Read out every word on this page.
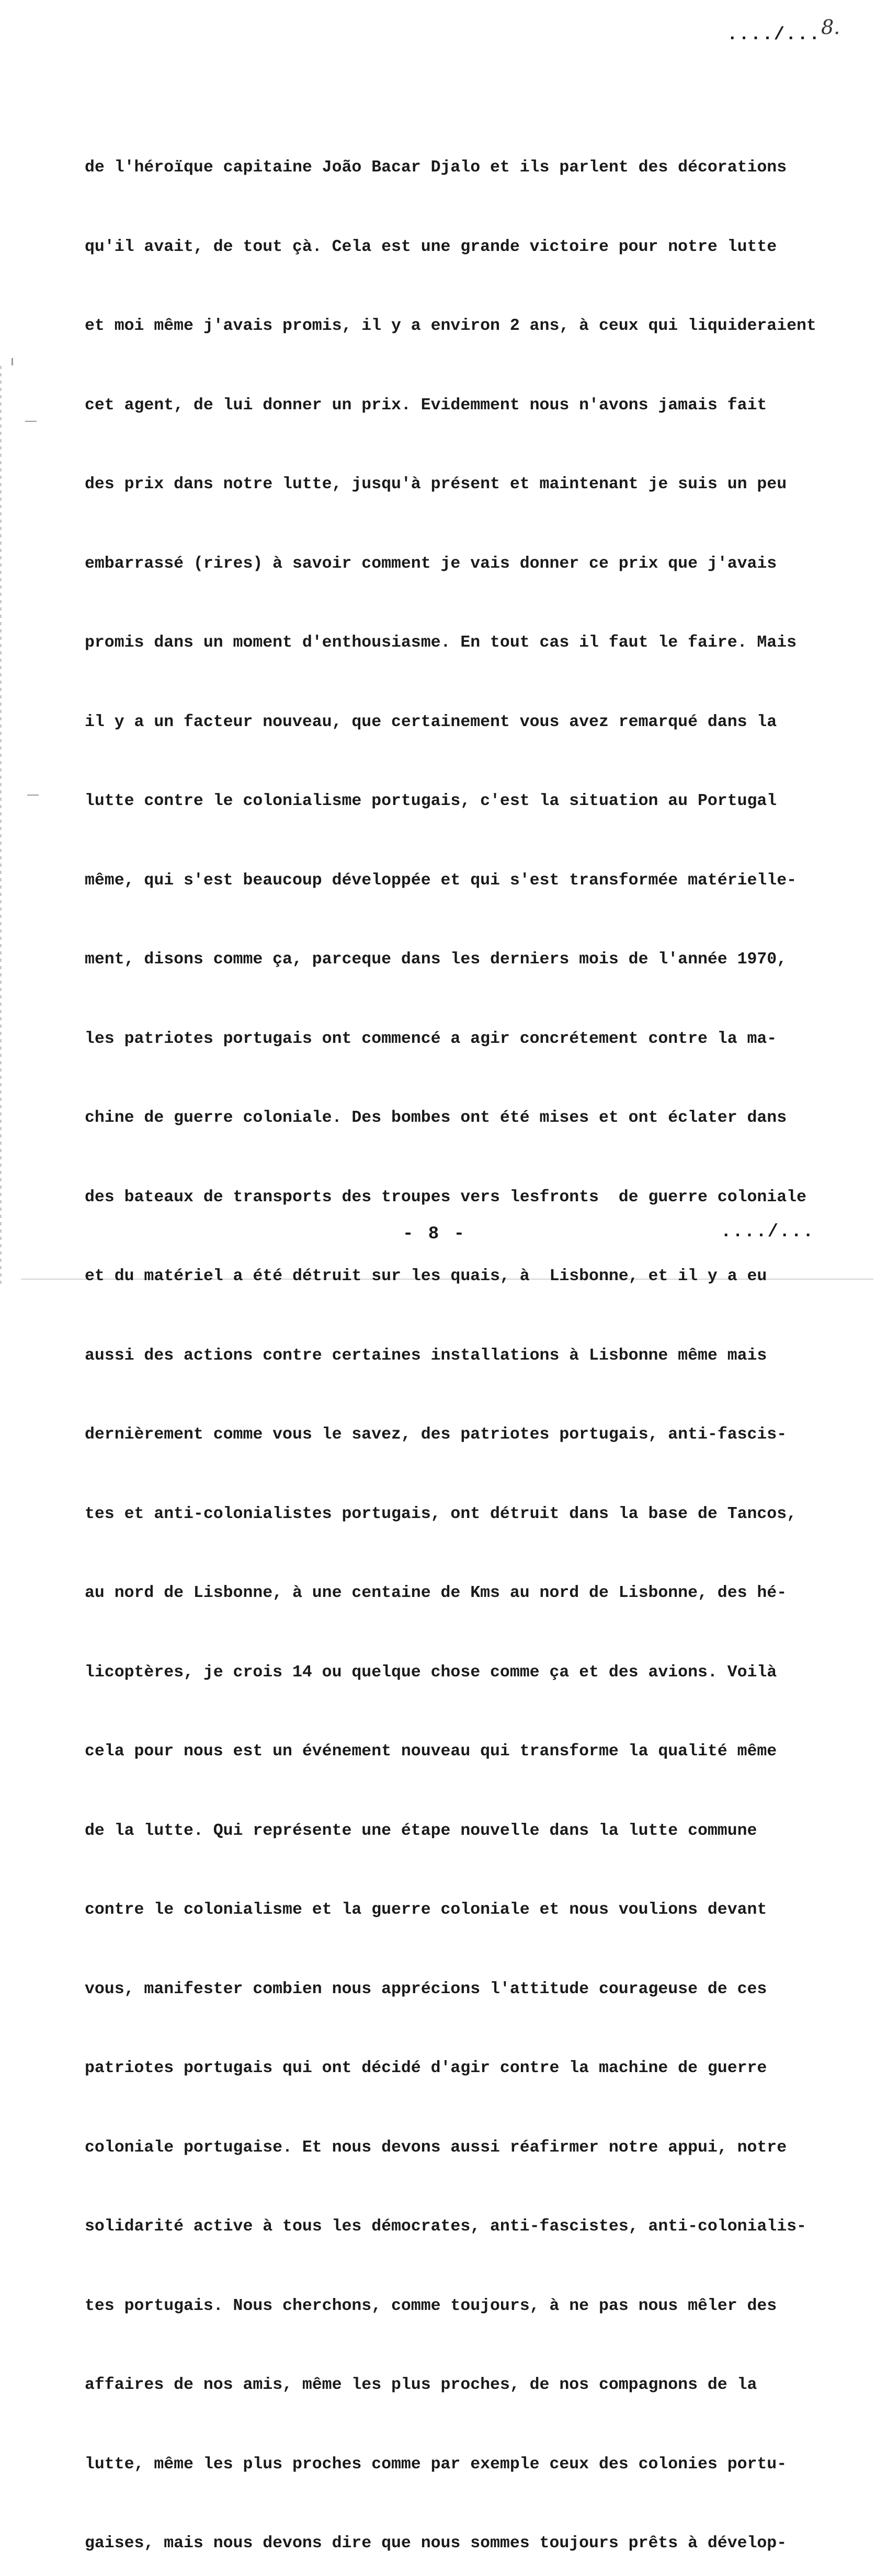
..../... 8.

de l'héroïque capitaine João Bacar Djalo et ils parlent des décorations

qu'il avait, de tout çà. Cela est une grande victoire pour notre lutte

et moi même j'avais promis, il y a environ 2 ans, à ceux qui liquideraient

cet agent, de lui donner un prix. Evidemment nous n'avons jamais fait

des prix dans notre lutte, jusqu'à présent et maintenant je suis un peu

embarrassé (rires) à savoir comment je vais donner ce prix que j'avais

promis dans un moment d'enthousiasme. En tout cas il faut le faire. Mais

il y a un facteur nouveau, que certainement vous avez remarqué dans la

lutte contre le colonialisme portugais, c'est la situation au Portugal

même, qui s'est beaucoup développée et qui s'est transformée matérielle-

ment, disons comme ça, parceque dans les derniers mois de l'année 1970,

les patriotes portugais ont commencé a agir concrétement contre la ma-

chine de guerre coloniale. Des bombes ont été mises et ont éclater dans

des bateaux de transports des troupes vers lesfronts  de guerre coloniale

et du matériel a été détruit sur les quais, à  Lisbonne, et il y a eu

aussi des actions contre certaines installations à Lisbonne même mais

dernièrement comme vous le savez, des patriotes portugais, anti-fascis-

tes et anti-colonialistes portugais, ont détruit dans la base de Tancos,

au nord de Lisbonne, à une centaine de Kms au nord de Lisbonne, des hé-

licoptères, je crois 14 ou quelque chose comme ça et des avions. Voilà

cela pour nous est un événement nouveau qui transforme la qualité même

de la lutte. Qui représente une étape nouvelle dans la lutte commune

contre le colonialisme et la guerre coloniale et nous voulions devant

vous, manifester combien nous apprécions l'attitude courageuse de ces

patriotes portugais qui ont décidé d'agir contre la machine de guerre

coloniale portugaise. Et nous devons aussi réafirmer notre appui, notre

solidarité active à tous les démocrates, anti-fascistes, anti-colonialis-

tes portugais. Nous cherchons, comme toujours, à ne pas nous mêler des

affaires de nos amis, même les plus proches, de nos compagnons de la

lutte, même les plus proches comme par exemple ceux des colonies portu-

gaises, mais nous devons dire que nous sommes toujours prêts à dévelop-

- 8 -	..../...
